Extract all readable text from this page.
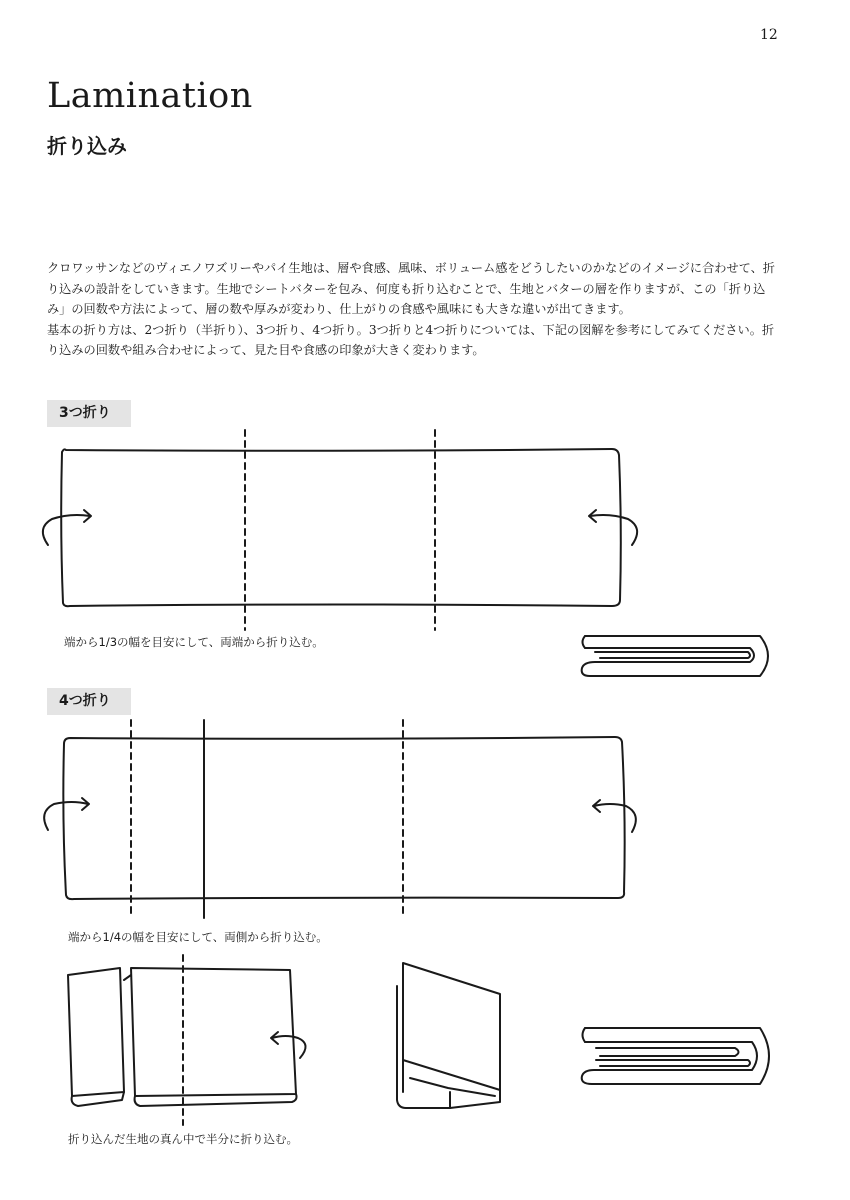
12
Lamination
折り込み

クロワッサンなどのヴィエノワズリーやパイ生地は、層や食感、風味、ボリューム感をどうしたいのかなどのイメージに合わせて、折り込みの設計をしていきます。生地でシートバターを包み、何度も折り込むことで、生地とバターの層を作りますが、この「折り込み」の回数や方法によって、層の数や厚みが変わり、仕上がりの食感や風味にも大きな違いが出てきます。

基本の折り方は、2つ折り（半折り）、3つ折り、4つ折り。3つ折りと4つ折りについては、下記の図解を参考にしてみてください。折り込みの回数や組み合わせによって、見た目や食感の印象が大きく変わります。

3つ折り
4つ折り
端から1/3の幅を目安にして、両端から折り込む。
端から1/4の幅を目安にして、両側から折り込む。
折り込んだ生地の真ん中で半分に折り込む。
